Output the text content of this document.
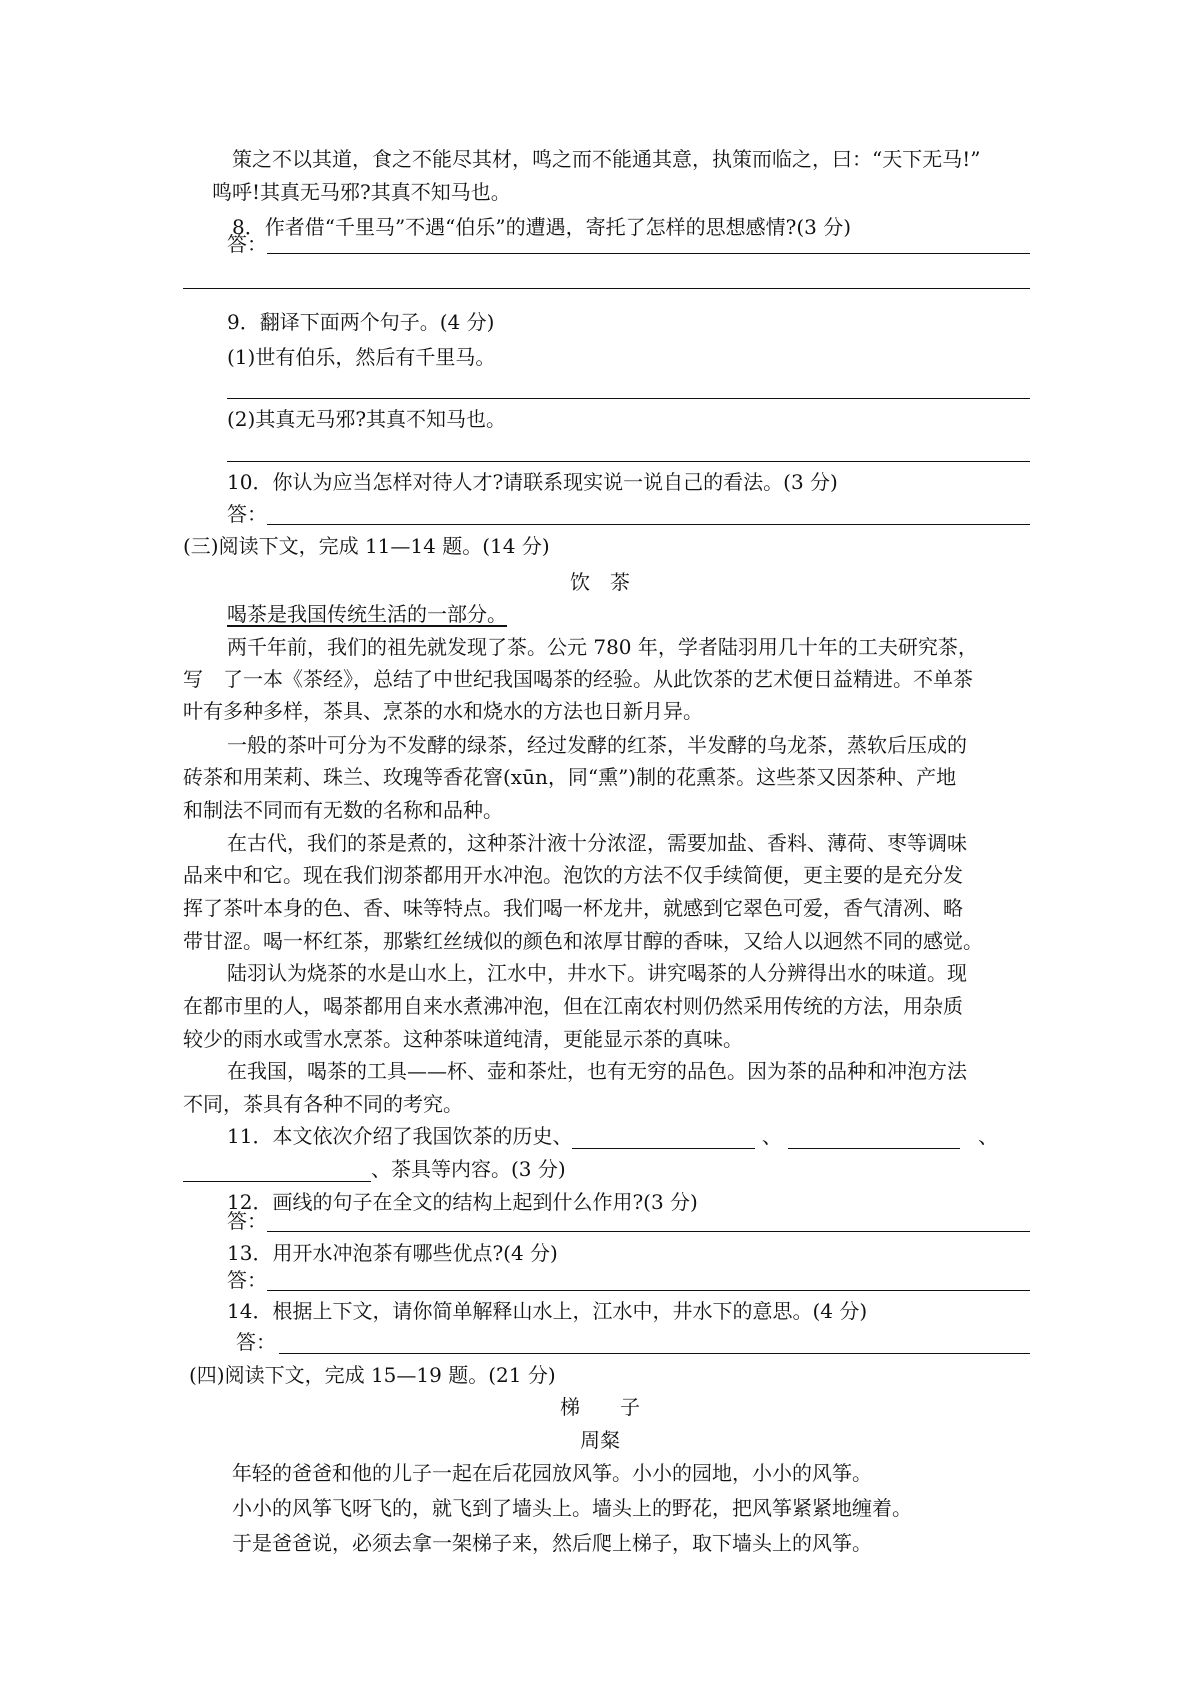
策之不以其道，食之不能尽其材，鸣之而不能通其意，执策而临之，曰：“天下无马!”
鸣呼!其真无马邪?其真不知马也。
8．作者借“千里马”不遇“伯乐”的遭遇，寄托了怎样的思想感情?(3 分)
答：
9．翻译下面两个句子。(4 分)
(1)世有伯乐，然后有千里马。
(2)其真无马邪?其真不知马也。
10．你认为应当怎样对待人才?请联系现实说一说自己的看法。(3 分)
答：
(三)阅读下文，完成 11—14 题。(14 分)
饮　茶
喝茶是我国传统生活的一部分。
两千年前，我们的祖先就发现了茶。公元 780 年，学者陆羽用几十年的工夫研究茶，
写　了一本《茶经》，总结了中世纪我国喝茶的经验。从此饮茶的艺术便日益精进。不单茶
叶有多种多样，茶具、烹茶的水和烧水的方法也日新月异。
一般的茶叶可分为不发酵的绿茶，经过发酵的红茶，半发酵的乌龙茶，蒸软后压成的
砖茶和用茉莉、珠兰、玫瑰等香花窨(xūn，同“熏”)制的花熏茶。这些茶又因茶种、产地
和制法不同而有无数的名称和品种。
在古代，我们的茶是煮的，这种茶汁液十分浓涩，需要加盐、香料、薄荷、枣等调味
品来中和它。现在我们沏茶都用开水冲泡。泡饮的方法不仅手续简便，更主要的是充分发
挥了茶叶本身的色、香、味等特点。我们喝一杯龙井，就感到它翠色可爱，香气清冽、略
带甘涩。喝一杯红茶，那紫红丝绒似的颜色和浓厚甘醇的香味，又给人以迥然不同的感觉。
陆羽认为烧茶的水是山水上，江水中，井水下。讲究喝茶的人分辨得出水的味道。现
在都市里的人，喝茶都用自来水煮沸冲泡，但在江南农村则仍然采用传统的方法，用杂质
较少的雨水或雪水烹茶。这种茶味道纯清，更能显示茶的真味。
在我国，喝茶的工具——杯、壶和茶灶，也有无穷的品色。因为茶的品种和冲泡方法
不同，茶具有各种不同的考究。
11．本文依次介绍了我国饮茶的历史、	、	、
、茶具等内容。(3 分)
12．画线的句子在全文的结构上起到什么作用?(3 分)
答：
13．用开水冲泡茶有哪些优点?(4 分)
答：
14．根据上下文，请你简单解释山水上，江水中，井水下的意思。(4 分)
答：
(四)阅读下文，完成 15—19 题。(21 分)
梯　　子
周粲
年轻的爸爸和他的儿子一起在后花园放风筝。小小的园地，小小的风筝。
小小的风筝飞呀飞的，就飞到了墙头上。墙头上的野花，把风筝紧紧地缠着。
于是爸爸说，必须去拿一架梯子来，然后爬上梯子，取下墙头上的风筝。
